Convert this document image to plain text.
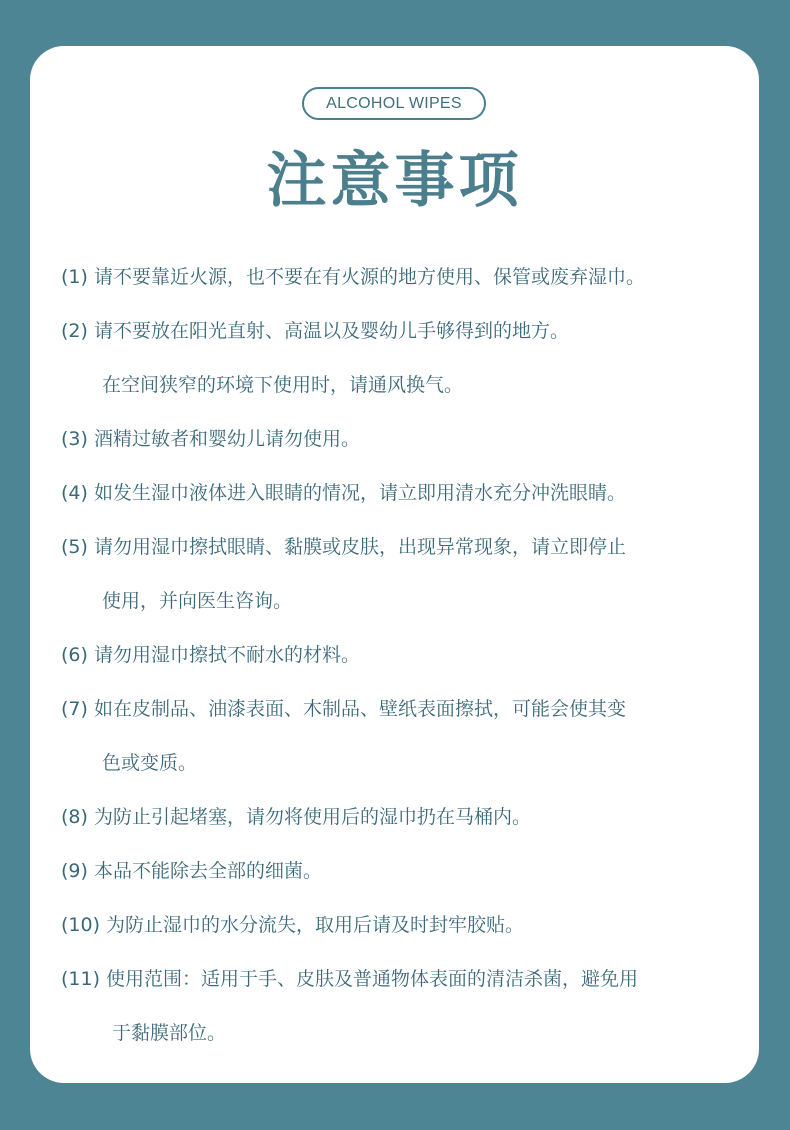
ALCOHOL WIPES
注意事项

(1) 请不要靠近火源，也不要在有火源的地方使用、保管或废弃湿巾。

(2) 请不要放在阳光直射、高温以及婴幼儿手够得到的地方。

在空间狭窄的环境下使用时，请通风换气。

(3) 酒精过敏者和婴幼儿请勿使用。

(4) 如发生湿巾液体进入眼睛的情况，请立即用清水充分冲洗眼睛。

(5) 请勿用湿巾擦拭眼睛、黏膜或皮肤，出现异常现象，请立即停止

使用，并向医生咨询。

(6) 请勿用湿巾擦拭不耐水的材料。

(7) 如在皮制品、油漆表面、木制品、壁纸表面擦拭，可能会使其变

色或变质。

(8) 为防止引起堵塞，请勿将使用后的湿巾扔在马桶内。

(9) 本品不能除去全部的细菌。

(10) 为防止湿巾的水分流失，取用后请及时封牢胶贴。

(11) 使用范围：适用于手、皮肤及普通物体表面的清洁杀菌，避免用

于黏膜部位。
